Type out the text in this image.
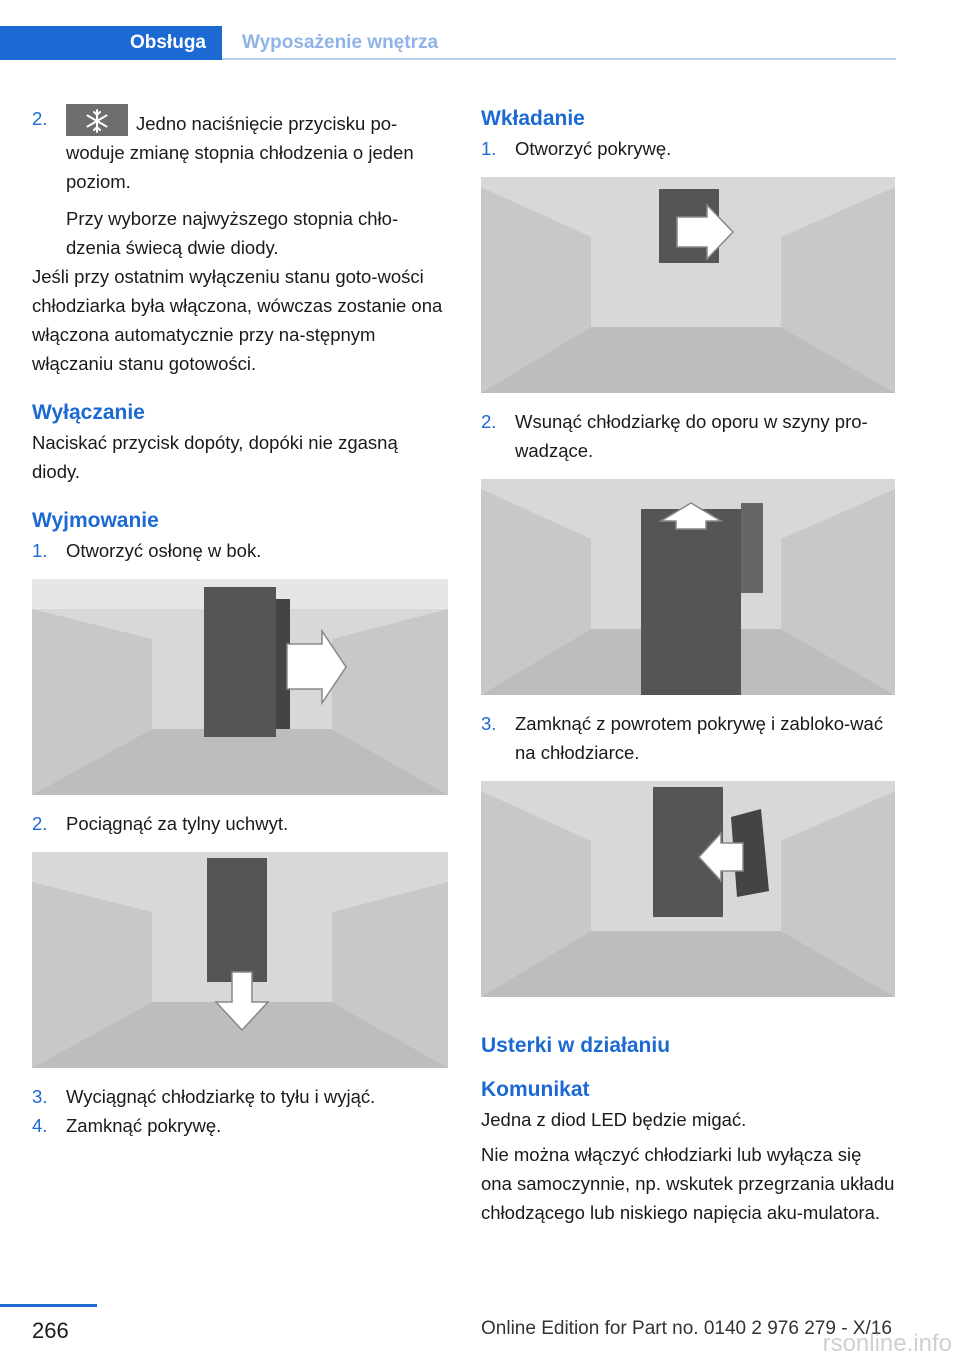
Obsługa	Wyposażenie wnętrza
2.	Jedno naciśnięcie przycisku po-woduje zmianę stopnia chłodzenia o jeden poziom.

Przy wyborze najwyższego stopnia chło-dzenia świecą dwie diody.

Jeśli przy ostatnim wyłączeniu stanu goto-wości chłodziarka była włączona, wówczas zostanie ona włączona automatycznie przy na-stępnym włączaniu stanu gotowości.

Wyłączanie

Naciskać przycisk dopóty, dopóki nie zgasną diody.

Wyjmowanie
1.	Otworzyć osłonę w bok.
2.	Pociągnąć za tylny uchwyt.
3.	Wyciągnąć chłodziarkę to tyłu i wyjąć.
4.	Zamknąć pokrywę.
Wkładanie
1.	Otworzyć pokrywę.
2.	Wsunąć chłodziarkę do oporu w szyny pro-wadzące.
3.	Zamknąć z powrotem pokrywę i zabloko-wać na chłodziarce.
Usterki w działaniu
Komunikat

Jedna z diod LED będzie migać.

Nie można włączyć chłodziarki lub wyłącza się ona samoczynnie, np. wskutek przegrzania układu chłodzącego lub niskiego napięcia aku-mulatora.

266	Online Edition for Part no. 0140 2 976 279 - X/16
rsonline.info
